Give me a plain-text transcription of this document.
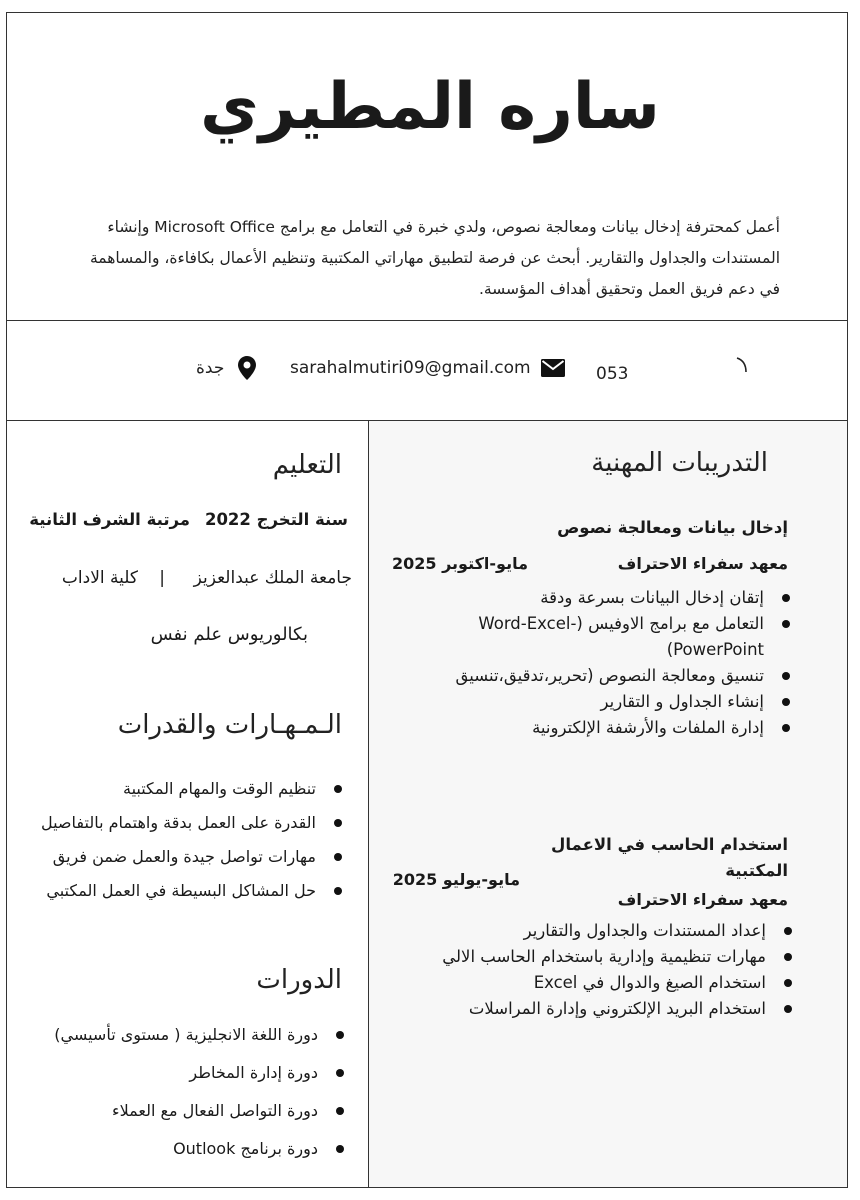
ساره المطيري
أعمل كمحترفة إدخال بيانات ومعالجة نصوص، ولدي خبرة في التعامل مع برامج Microsoft Office وإنشاء المستندات والجداول والتقارير. أبحث عن فرصة لتطبيق مهاراتي المكتبية وتنظيم الأعمال بكافاءة، والمساهمة في دعم فريق العمل وتحقيق أهداف المؤسسة.
جدة	sarahalmutiri09@gmail.com	053
التعليم
سنة التخرج 2022
مرتبة الشرف الثانية
جامعة الملك عبدالعزيز
|
كلية الاداب
بكالوريوس علم نفس
الـمـهـارات والقدرات
تنظيم الوقت والمهام المكتبية
القدرة على العمل بدقة واهتمام بالتفاصيل
مهارات تواصل جيدة والعمل ضمن فريق
حل المشاكل البسيطة في العمل المكتبي
الدورات
دورة اللغة الانجليزية ( مستوى تأسيسي)
دورة إدارة المخاطر
دورة التواصل الفعال مع العملاء
دورة برنامج Outlook
التدريبات المهنية
إدخال بيانات ومعالجة نصوص
معهد سفراء الاحتراف
مايو-اكتوبر 2025
إتقان إدخال البيانات بسرعة ودقة
التعامل مع برامج الاوفيس (Word-Excel-PowerPoint)
تنسيق ومعالجة النصوص (تحرير،تدقيق،تنسيق
إنشاء الجداول و التقارير
إدارة الملفات والأرشفة الإلكترونية
استخدام الحاسب في الاعمال المكتبية
معهد سفراء الاحتراف
مايو-يوليو 2025
إعداد المستندات والجداول والتقارير
مهارات تنظيمية وإدارية باستخدام الحاسب الالي
استخدام الصيغ والدوال في Excel
استخدام البريد الإلكتروني وإدارة المراسلات
